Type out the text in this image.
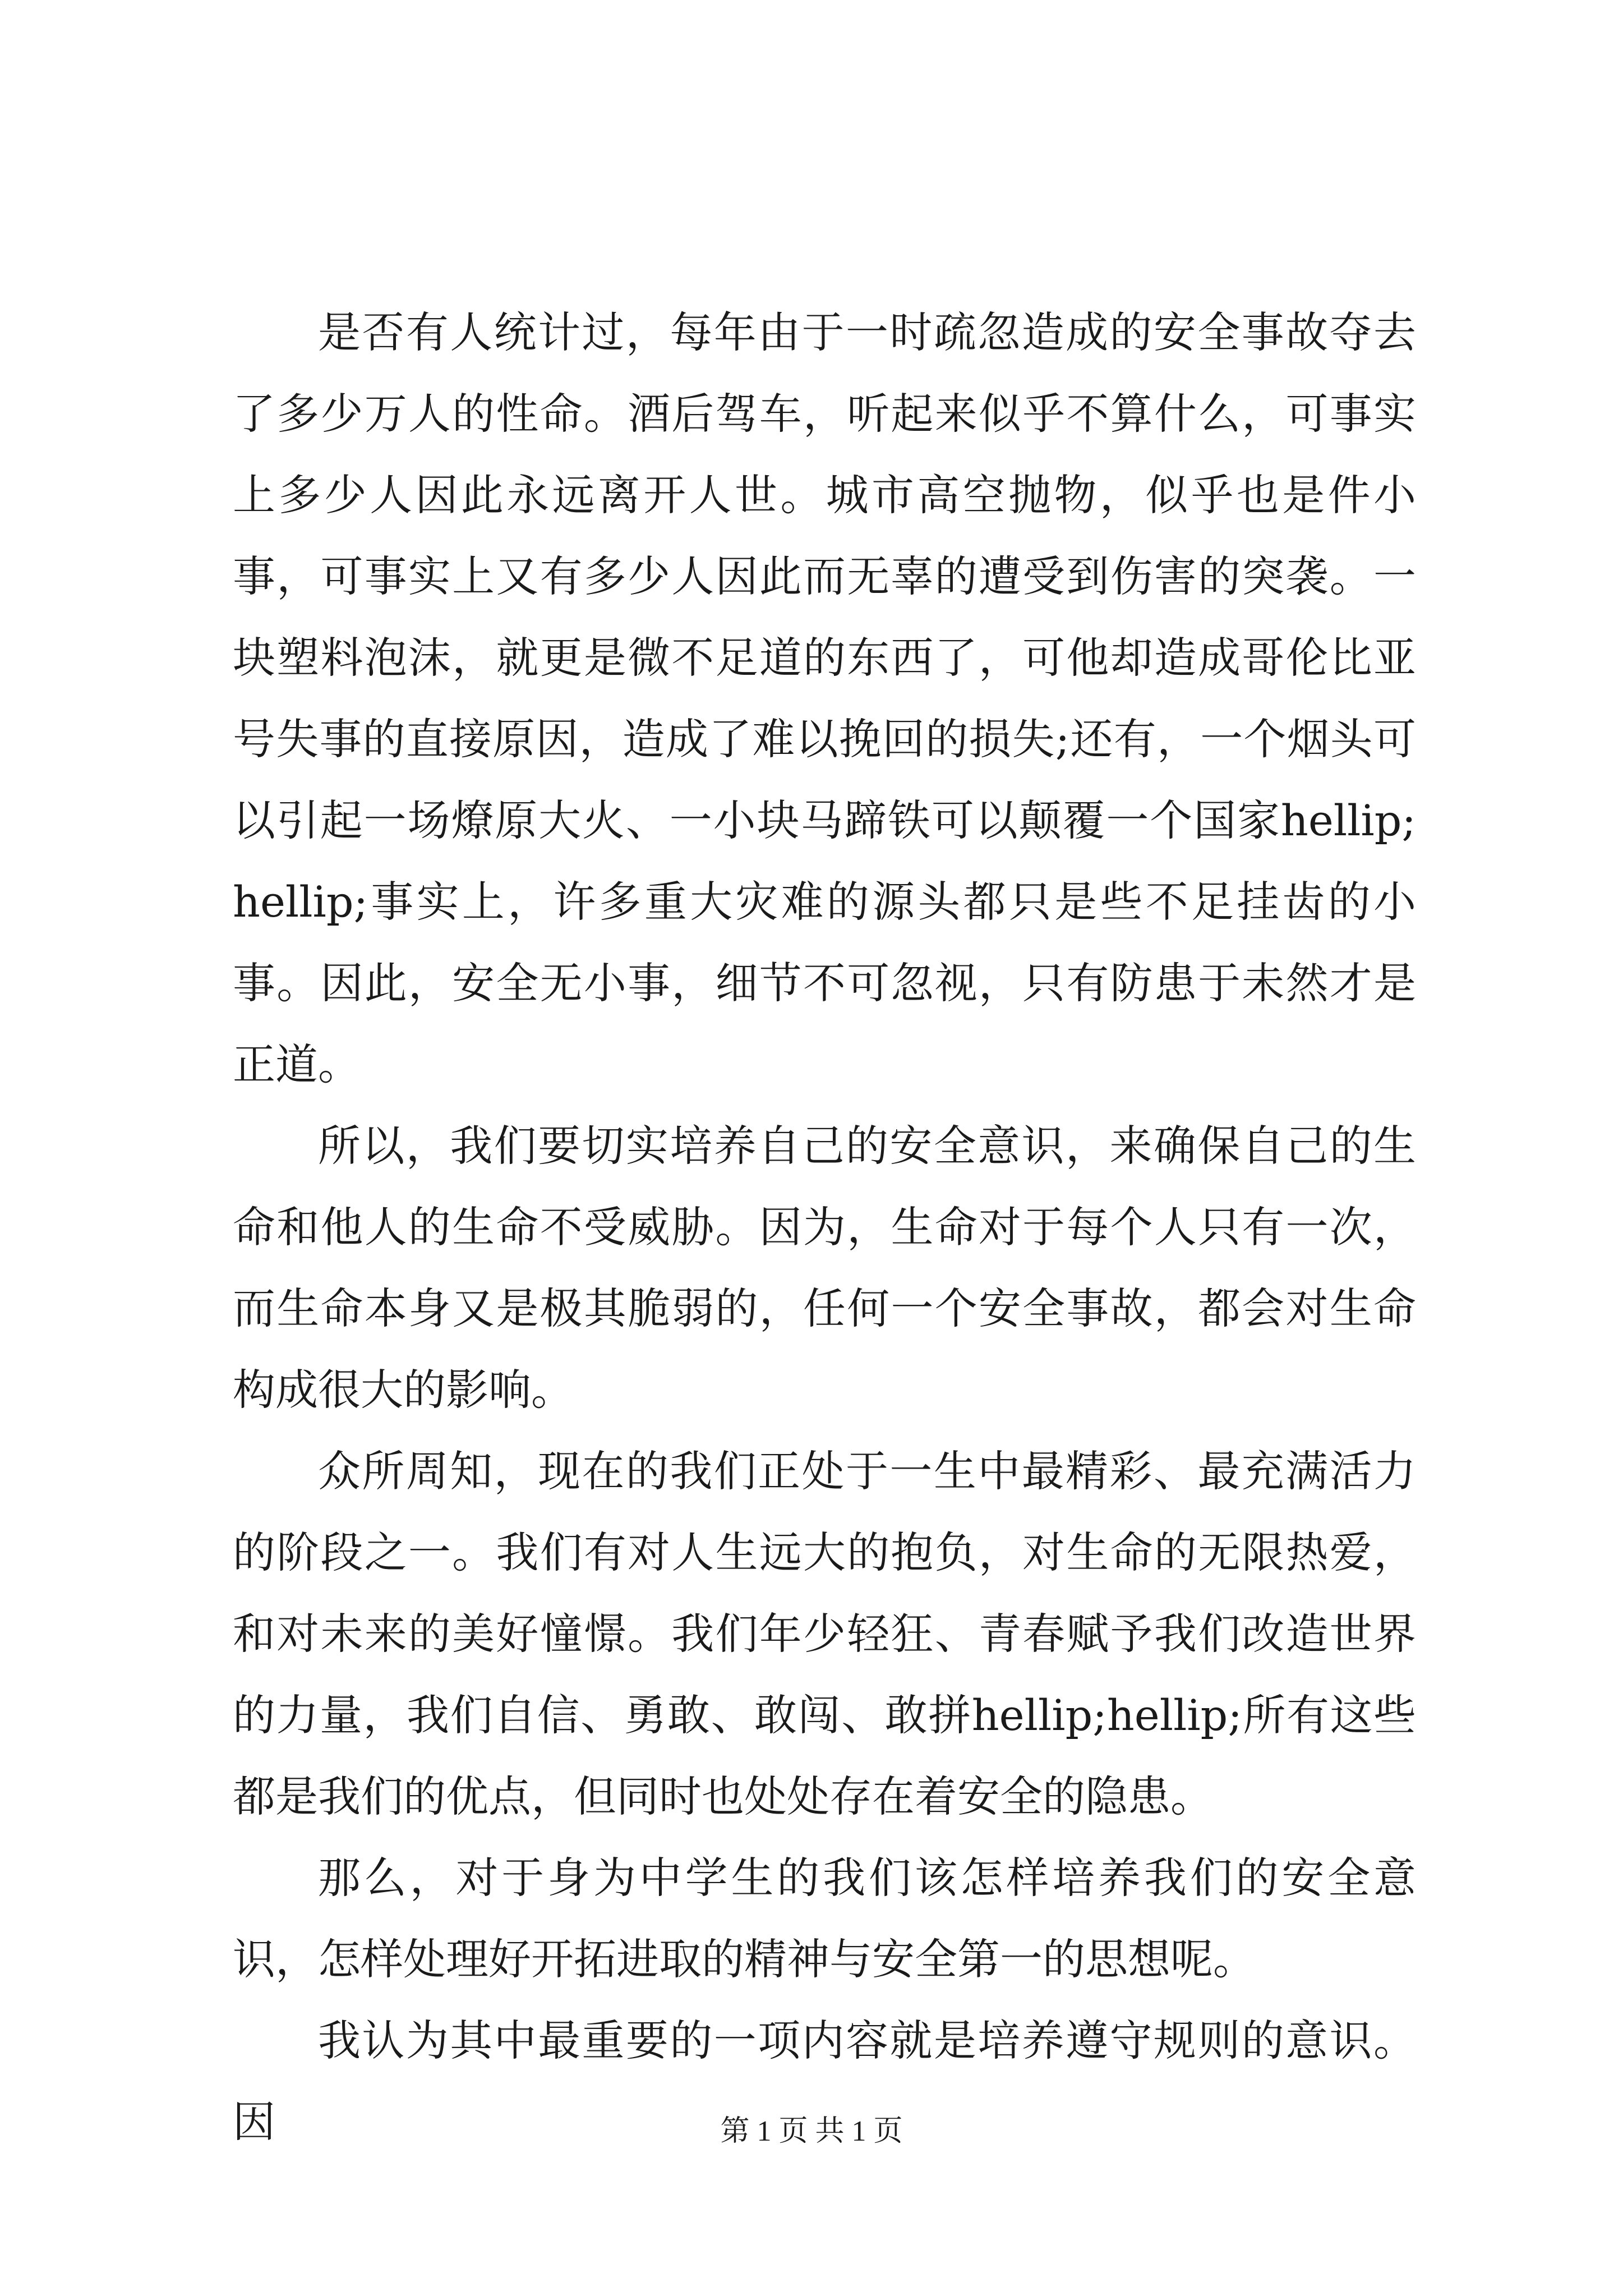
是否有人统计过，每年由于一时疏忽造成的安全事故夺去了多少万人的性命。酒后驾车，听起来似乎不算什么，可事实上多少人因此永远离开人世。城市高空抛物，似乎也是件小事，可事实上又有多少人因此而无辜的遭受到伤害的突袭。一块塑料泡沫，就更是微不足道的东西了，可他却造成哥伦比亚号失事的直接原因，造成了难以挽回的损失;还有，一个烟头可以引起一场燎原大火、一小块马蹄铁可以颠覆一个国家hellip;hellip;事实上，许多重大灾难的源头都只是些不足挂齿的小事。因此，安全无小事，细节不可忽视，只有防患于未然才是正道。

所以，我们要切实培养自己的安全意识，来确保自己的生命和他人的生命不受威胁。因为，生命对于每个人只有一次，而生命本身又是极其脆弱的，任何一个安全事故，都会对生命构成很大的影响。

众所周知，现在的我们正处于一生中最精彩、最充满活力的阶段之一。我们有对人生远大的抱负，对生命的无限热爱，和对未来的美好憧憬。我们年少轻狂、青春赋予我们改造世界的力量，我们自信、勇敢、敢闯、敢拼hellip;hellip;所有这些都是我们的优点，但同时也处处存在着安全的隐患。

那么，对于身为中学生的我们该怎样培养我们的安全意识，怎样处理好开拓进取的精神与安全第一的思想呢。

我认为其中最重要的一项内容就是培养遵守规则的意识。因	第 1 页 共 1 页
